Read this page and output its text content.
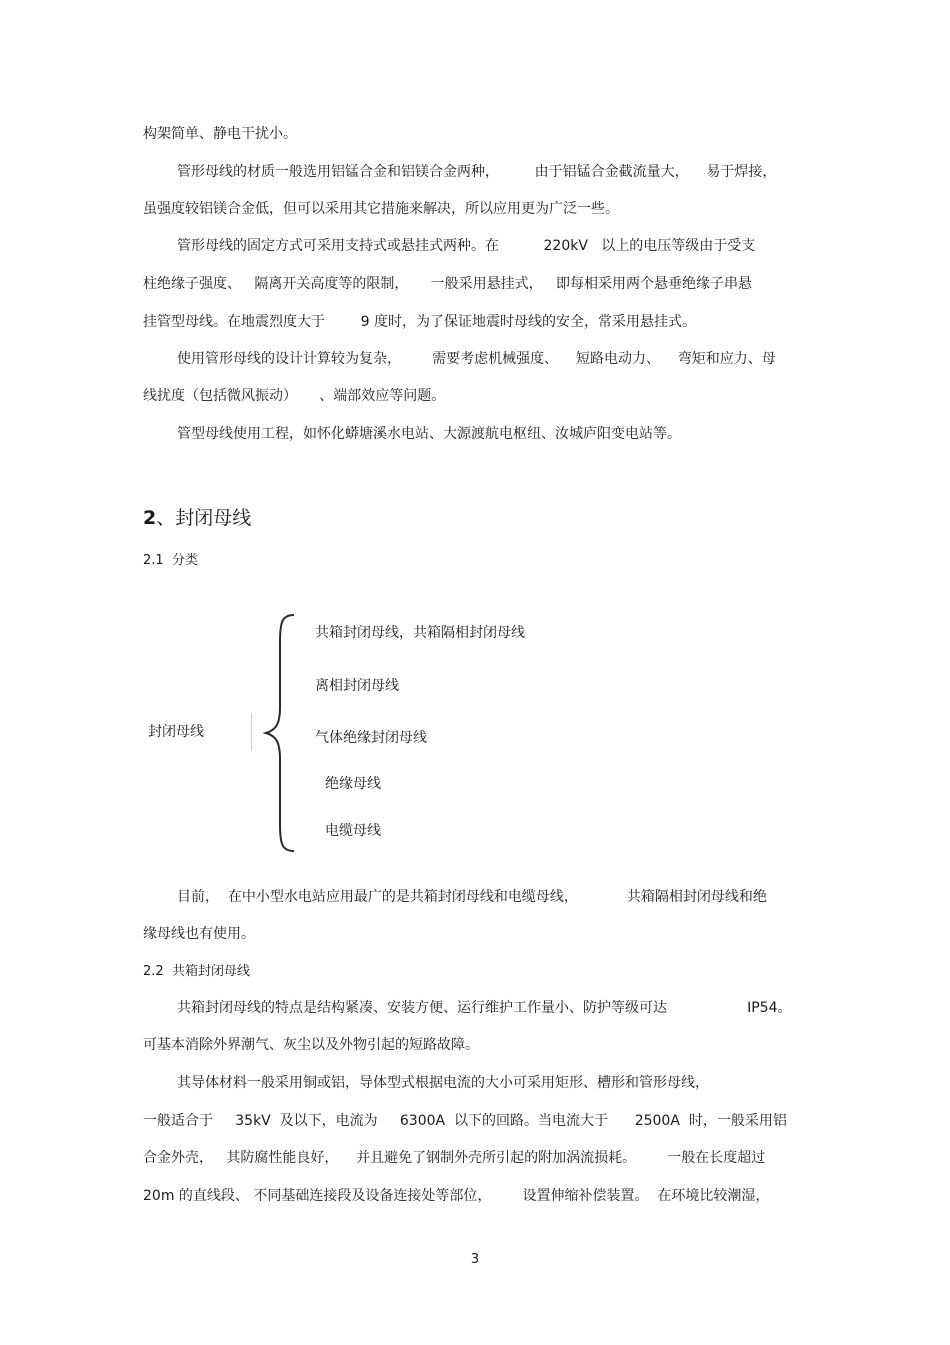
构架简单、静电干扰小。
管形母线的材质一般选用铝锰合金和铝镁合金两种，        由于铝锰合金截流量大，    易于焊接，
虽强度较铝镁合金低，但可以采用其它措施来解决，所以应用更为广泛一些。
管形母线的固定方式可采用支持式或悬挂式两种。在          220kV   以上的电压等级由于受支
柱绝缘子强度、   隔离开关高度等的限制，     一般采用悬挂式，   即每相采用两个悬垂绝缘子串悬
挂管型母线。在地震烈度大于        9 度时，为了保证地震时母线的安全，常采用悬挂式。
使用管形母线的设计计算较为复杂，       需要考虑机械强度、    短路电动力、    弯矩和应力、母
线扰度（包括微风振动）     、端部效应等问题。
管型母线使用工程，如怀化蟒塘溪水电站、大源渡航电枢纽、汝城庐阳变电站等。
2、封闭母线
2.1  分类
封闭母线
共箱封闭母线，共箱隔相封闭母线
离相封闭母线
气体绝缘封闭母线
绝缘母线
电缆母线
目前，  在中小型水电站应用最广的是共箱封闭母线和电缆母线，           共箱隔相封闭母线和绝
缘母线也有使用。
2.2  共箱封闭母线
共箱封闭母线的特点是结构紧凑、安装方便、运行维护工作量小、防护等级可达                  IP54。
可基本消除外界潮气、灰尘以及外物引起的短路故障。
其导体材料一般采用铜或铝，导体型式根据电流的大小可采用矩形、槽形和管形母线，
一般适合于     35kV  及以下，电流为     6300A  以下的回路。当电流大于      2500A  时，一般采用铝
合金外壳，   其防腐性能良好，    并且避免了钢制外壳所引起的附加涡流损耗。       一般在长度超过
20m 的直线段、 不同基础连接段及设备连接处等部位，       设置伸缩补偿装置。  在环境比较潮湿，
3
